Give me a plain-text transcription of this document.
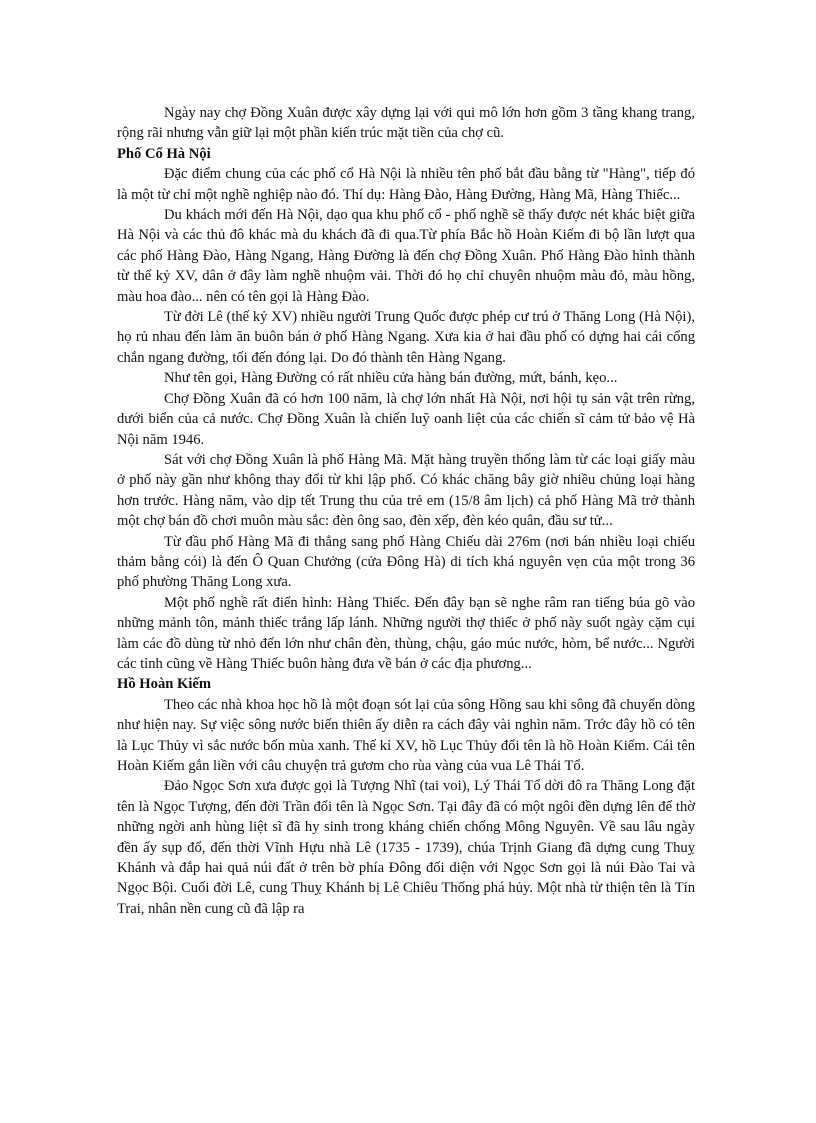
Ngày nay chợ Đồng Xuân được xây dựng lại với qui mô lớn hơn gồm 3 tầng khang trang, rộng rãi nhưng vẫn giữ lại một phần kiến trúc mặt tiền của chợ cũ.

Phố Cổ Hà Nội

Đặc điểm chung của các phố cổ Hà Nội là nhiều tên phố bắt đầu bằng từ "Hàng", tiếp đó là một từ chỉ một nghề nghiệp nào đó. Thí dụ: Hàng Đào, Hàng Đường, Hàng Mã, Hàng Thiếc...

Du khách mới đến Hà Nội, dạo qua khu phố cổ - phố nghề sẽ thấy được nét khác biệt giữa Hà Nội và các thủ đô khác mà du khách đã đi qua.Từ phía Bắc hồ Hoàn Kiếm đi bộ lần lượt qua các phố Hàng Đào, Hàng Ngang, Hàng Đường là đến chợ Đồng Xuân. Phố Hàng Đào hình thành từ thế kỷ XV, dân ở đây làm nghề nhuộm vải. Thời đó họ chỉ chuyên nhuộm màu đỏ, màu hồng, màu hoa đào... nên có tên gọi là Hàng Đào.

Từ đời Lê (thế kỷ XV) nhiều người Trung Quốc được phép cư trú ở Thăng Long (Hà Nội), họ rủ nhau đến làm ăn buôn bán ở phố Hàng Ngang. Xưa kia ở hai đầu phố có dựng hai cái cổng chắn ngang đường, tối đến đóng lại. Do đó thành tên Hàng Ngang.

Như tên gọi, Hàng Đường có rất nhiều cửa hàng bán đường, mứt, bánh, kẹo...

Chợ Đồng Xuân đã có hơn 100 năm, là chợ lớn nhất Hà Nội, nơi hội tụ sản vật trên rừng, dưới biển của cả nước. Chợ Đồng Xuân là chiến luỹ oanh liệt của các chiến sĩ cảm tử bảo vệ Hà Nội năm 1946.

Sát với chợ Đồng Xuân là phố Hàng Mã. Mặt hàng truyền thống làm từ các loại giấy màu ở phố này gần như không thay đổi từ khi lập phố. Có khác chăng bây giờ nhiều chủng loại hàng hơn trước. Hàng năm, vào dịp tết Trung thu của trẻ em (15/8 âm lịch) cả phố Hàng Mã trở thành một chợ bán đồ chơi muôn màu sắc: đèn ông sao, đèn xếp, đèn kéo quân, đầu sư tử...

Từ đầu phố Hàng Mã đi thẳng sang phố Hàng Chiếu dài 276m (nơi bán nhiều loại chiếu thảm bằng cói) là đến Ô Quan Chưởng (cửa Đông Hà) di tích khá nguyên vẹn của một trong 36 phố phường Thăng Long xưa.

Một phố nghề rất điển hình: Hàng Thiếc. Đến đây bạn sẽ nghe râm ran tiếng búa gõ vào những mảnh tôn, mảnh thiếc trắng lấp lánh. Những người thợ thiếc ở phố này suốt ngày cặm cụi làm các đồ dùng từ nhỏ đến lớn như chân đèn, thùng, chậu, gáo múc nước, hòm, bể nước... Người các tỉnh cũng về Hàng Thiếc buôn hàng đưa về bán ở các địa phương...

Hồ Hoàn Kiếm

Theo các nhà khoa học hồ là một đoạn sót lại của sông Hồng sau khi sông đã chuyển dòng như hiện nay. Sự việc sông nước biến thiên ấy diễn ra cách đây vài nghìn năm. Trớc đây hồ có tên là Lục Thủy vì sắc nước bốn mùa xanh. Thế kỉ XV, hồ Lục Thủy đổi tên là hồ Hoàn Kiếm. Cái tên Hoàn Kiếm gắn liền với câu chuyện trả gươm cho rùa vàng của vua Lê Thái Tổ.

Đảo Ngọc Sơn xưa được gọi là Tượng Nhĩ (tai voi), Lý Thái Tổ dời đô ra Thăng Long đặt tên là Ngọc Tượng, đến đời Trần đổi tên là Ngọc Sơn. Tại đây đã có một ngôi đền dựng lên để thờ những ngời anh hùng liệt sĩ đã hy sinh trong kháng chiến chống Mông Nguyên. Về sau lâu ngày đền ấy sụp đổ, đến thời Vĩnh Hựu nhà Lê (1735 - 1739), chúa Trịnh Giang đã dựng cung Thuỵ Khánh và đắp hai quả núi đất ở trên bờ phía Đông đối diện với Ngọc Sơn gọi là núi Đào Tai và Ngọc Bội. Cuối đời Lê, cung Thuỵ Khánh bị Lê Chiêu Thống phá hủy. Một nhà từ thiện tên là Tín Trai, nhân nền cung cũ đã lập ra
